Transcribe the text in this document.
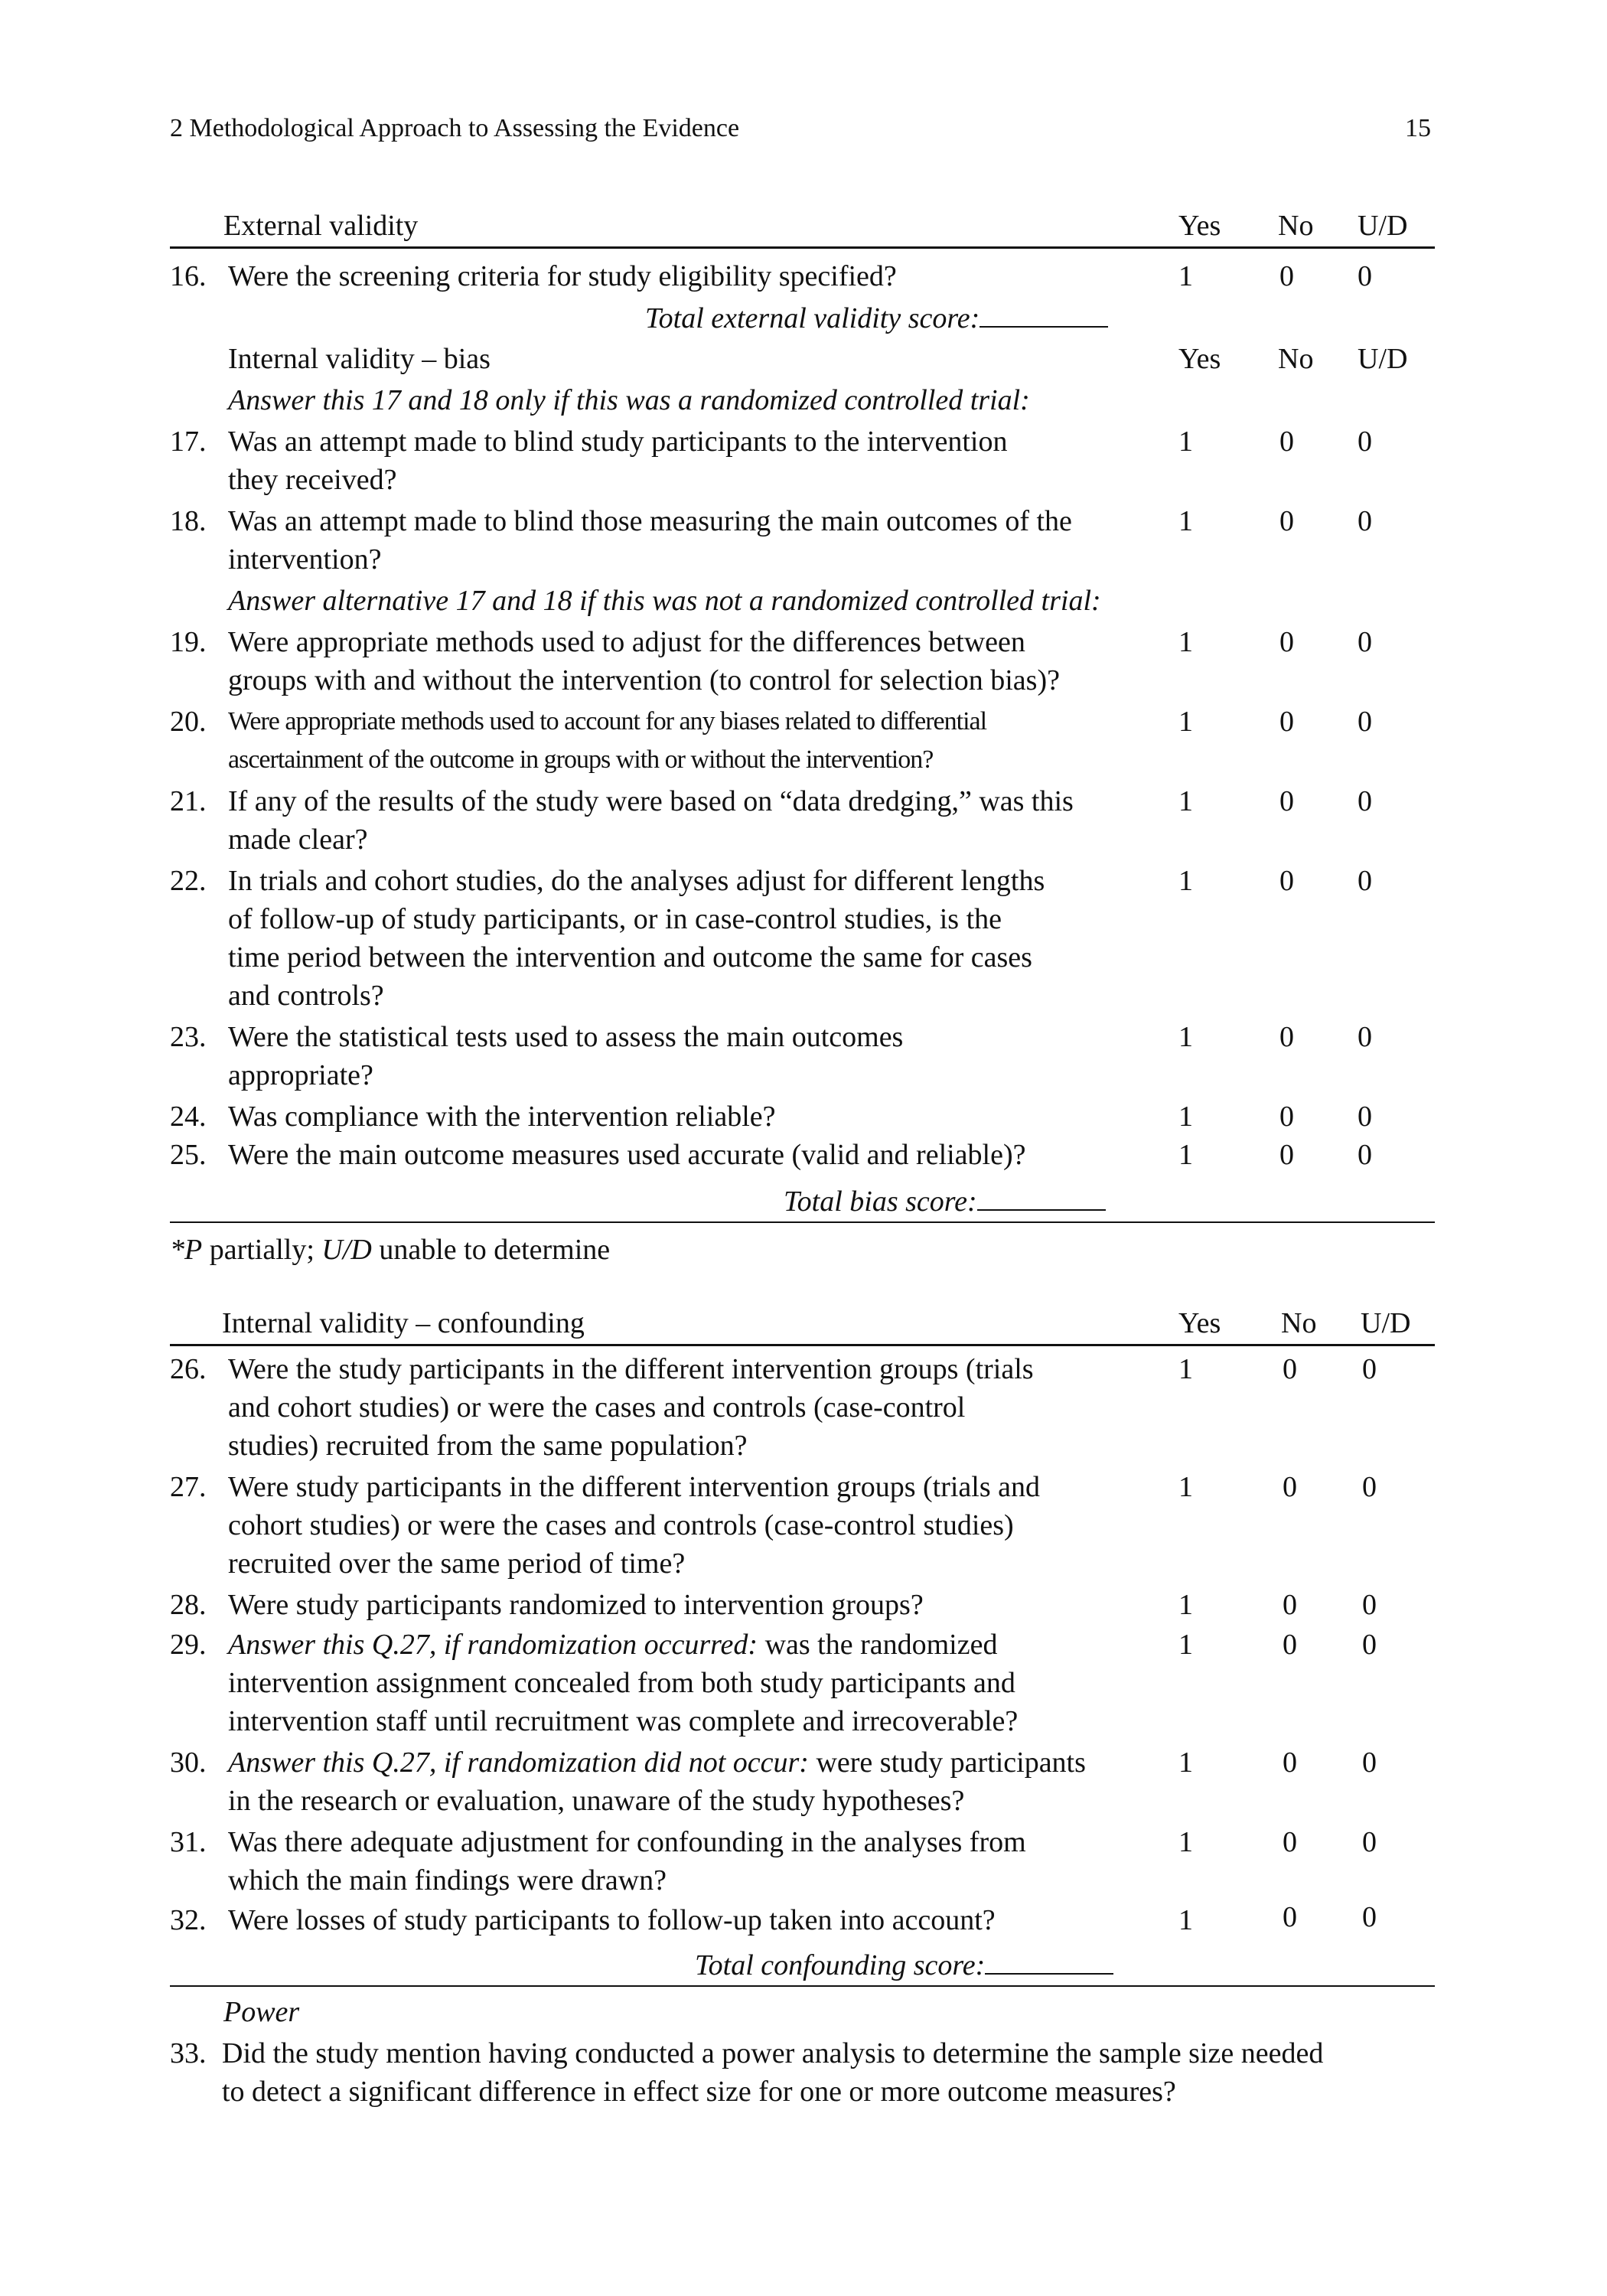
2 Methodological Approach to Assessing the Evidence	15
External validity	Yes No U/D
16. Were the screening criteria for study eligibility specified?	1	0 0
Total external validity score:
Internal validity – bias	Yes No U/D
Answer this 17 and 18 only if this was a randomized controlled trial:
17. Was an attempt made to blind study participants to the intervention
they received?
1	0 0
18. Was an attempt made to blind those measuring the main outcomes of the
intervention?
1	0 0
Answer alternative 17 and 18 if this was not a randomized controlled trial:
19. Were appropriate methods used to adjust for the differences between
groups with and without the intervention (to control for selection bias)?
1	0 0
20. Were appropriate methods used to account for any biases related to differential
ascertainment of the outcome in groups with or without the intervention?
1	0 0
21. If any of the results of the study were based on “data dredging,” was this
made clear?
1	0 0
22. In trials and cohort studies, do the analyses adjust for different lengths
of follow-up of study participants, or in case-control studies, is the
time period between the intervention and outcome the same for cases
and controls?
1	0 0
23. Were the statistical tests used to assess the main outcomes
appropriate?
1	0 0
24. Was compliance with the intervention reliable?	1	0 0
25. Were the main outcome measures used accurate (valid and reliable)?	1	0 0
Total bias score:
*P partially; U/D unable to determine
Internal validity – confounding	Yes No U/D
26. Were the study participants in the different intervention groups (trials
and cohort studies) or were the cases and controls (case-control
studies) recruited from the same population?
1	0 0
27. Were study participants in the different intervention groups (trials and
cohort studies) or were the cases and controls (case-control studies)
recruited over the same period of time?
1	0 0
28. Were study participants randomized to intervention groups?	1	0 0
29. Answer this Q.27, if randomization occurred: was the randomized
intervention assignment concealed from both study participants and
intervention staff until recruitment was complete and irrecoverable?
1	0 0
30. Answer this Q.27, if randomization did not occur: were study participants
in the research or evaluation, unaware of the study hypotheses?
1	0 0
31. Was there adequate adjustment for confounding in the analyses from
which the main findings were drawn?
1	0 0
32. Were losses of study participants to follow-up taken into account?	1	0 0
Total confounding score:
Power
33. Did the study mention having conducted a power analysis to determine the sample size needed
to detect a significant difference in effect size for one or more outcome measures?
